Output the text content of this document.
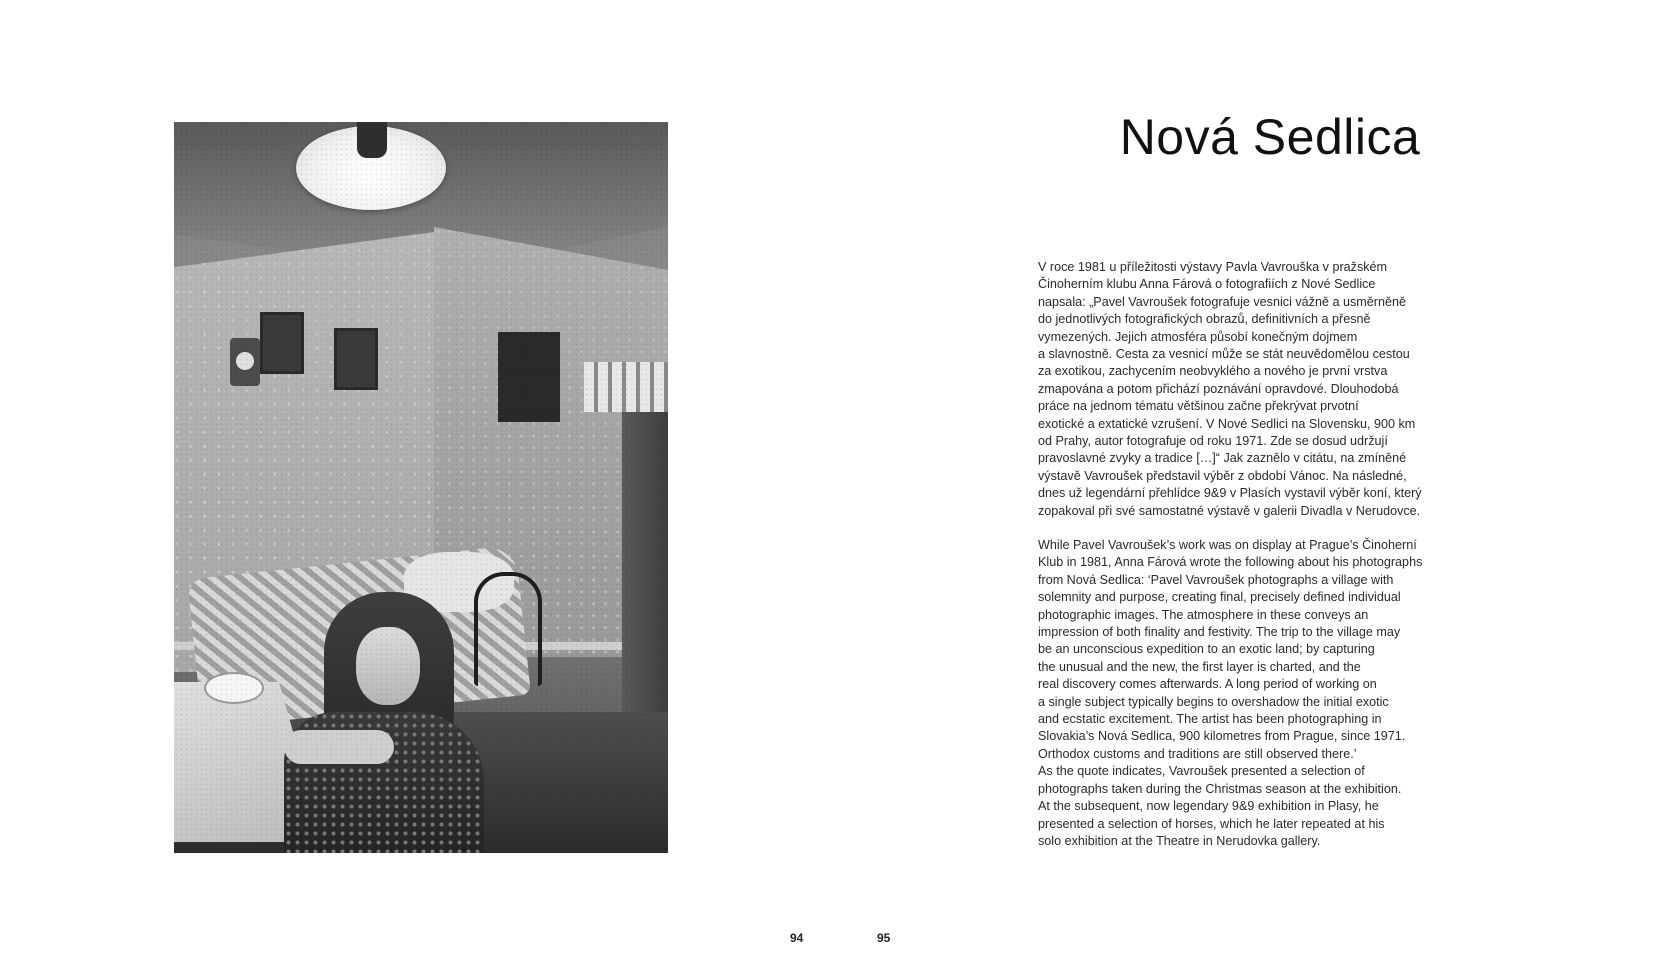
Nová Sedlica

V roce 1981 u příležitosti výstavy Pavla Vavrouška v pražském
Činoherním klubu Anna Fárová o fotografiích z Nové Sedlice
napsala: „Pavel Vavroušek fotografuje vesnici vážně a usměrněně
do jednotlivých fotografických obrazů, definitivních a přesně
vymezených. Jejich atmosféra působí konečným dojmem
a slavnostně. Cesta za vesnicí může se stát neuvědomělou cestou
za exotikou, zachycením neobvyklého a nového je první vrstva
zmapována a potom přichází poznávání opravdové. Dlouhodobá
práce na jednom tématu většinou začne překrývat prvotní
exotické a extatické vzrušení. V Nové Sedlici na Slovensku, 900 km
od Prahy, autor fotografuje od roku 1971. Zde se dosud udržují
pravoslavné zvyky a tradice […]“ Jak zaznělo v citátu, na zmíněné
výstavě Vavroušek představil výběr z období Vánoc. Na následné,
dnes už legendární přehlídce 9&9 v Plasích vystavil výběr koní, který
zopakoval při své samostatné výstavě v galerii Divadla v Nerudovce.

While Pavel Vavroušek’s work was on display at Prague’s Činoherní
Klub in 1981, Anna Fárová wrote the following about his photographs
from Nová Sedlica: ‘Pavel Vavroušek photographs a village with
solemnity and purpose, creating final, precisely defined individual
photographic images. The atmosphere in these conveys an
impression of both finality and festivity. The trip to the village may
be an unconscious expedition to an exotic land; by capturing
the unusual and the new, the first layer is charted, and the
real discovery comes afterwards. A long period of working on
a single subject typically begins to overshadow the initial exotic
and ecstatic excitement. The artist has been photographing in
Slovakia’s Nová Sedlica, 900 kilometres from Prague, since 1971.
Orthodox customs and traditions are still observed there.’
As the quote indicates, Vavroušek presented a selection of
photographs taken during the Christmas season at the exhibition.
At the subsequent, now legendary 9&9 exhibition in Plasy, he
presented a selection of horses, which he later repeated at his
solo exhibition at the Theatre in Nerudovka gallery.

94	95
